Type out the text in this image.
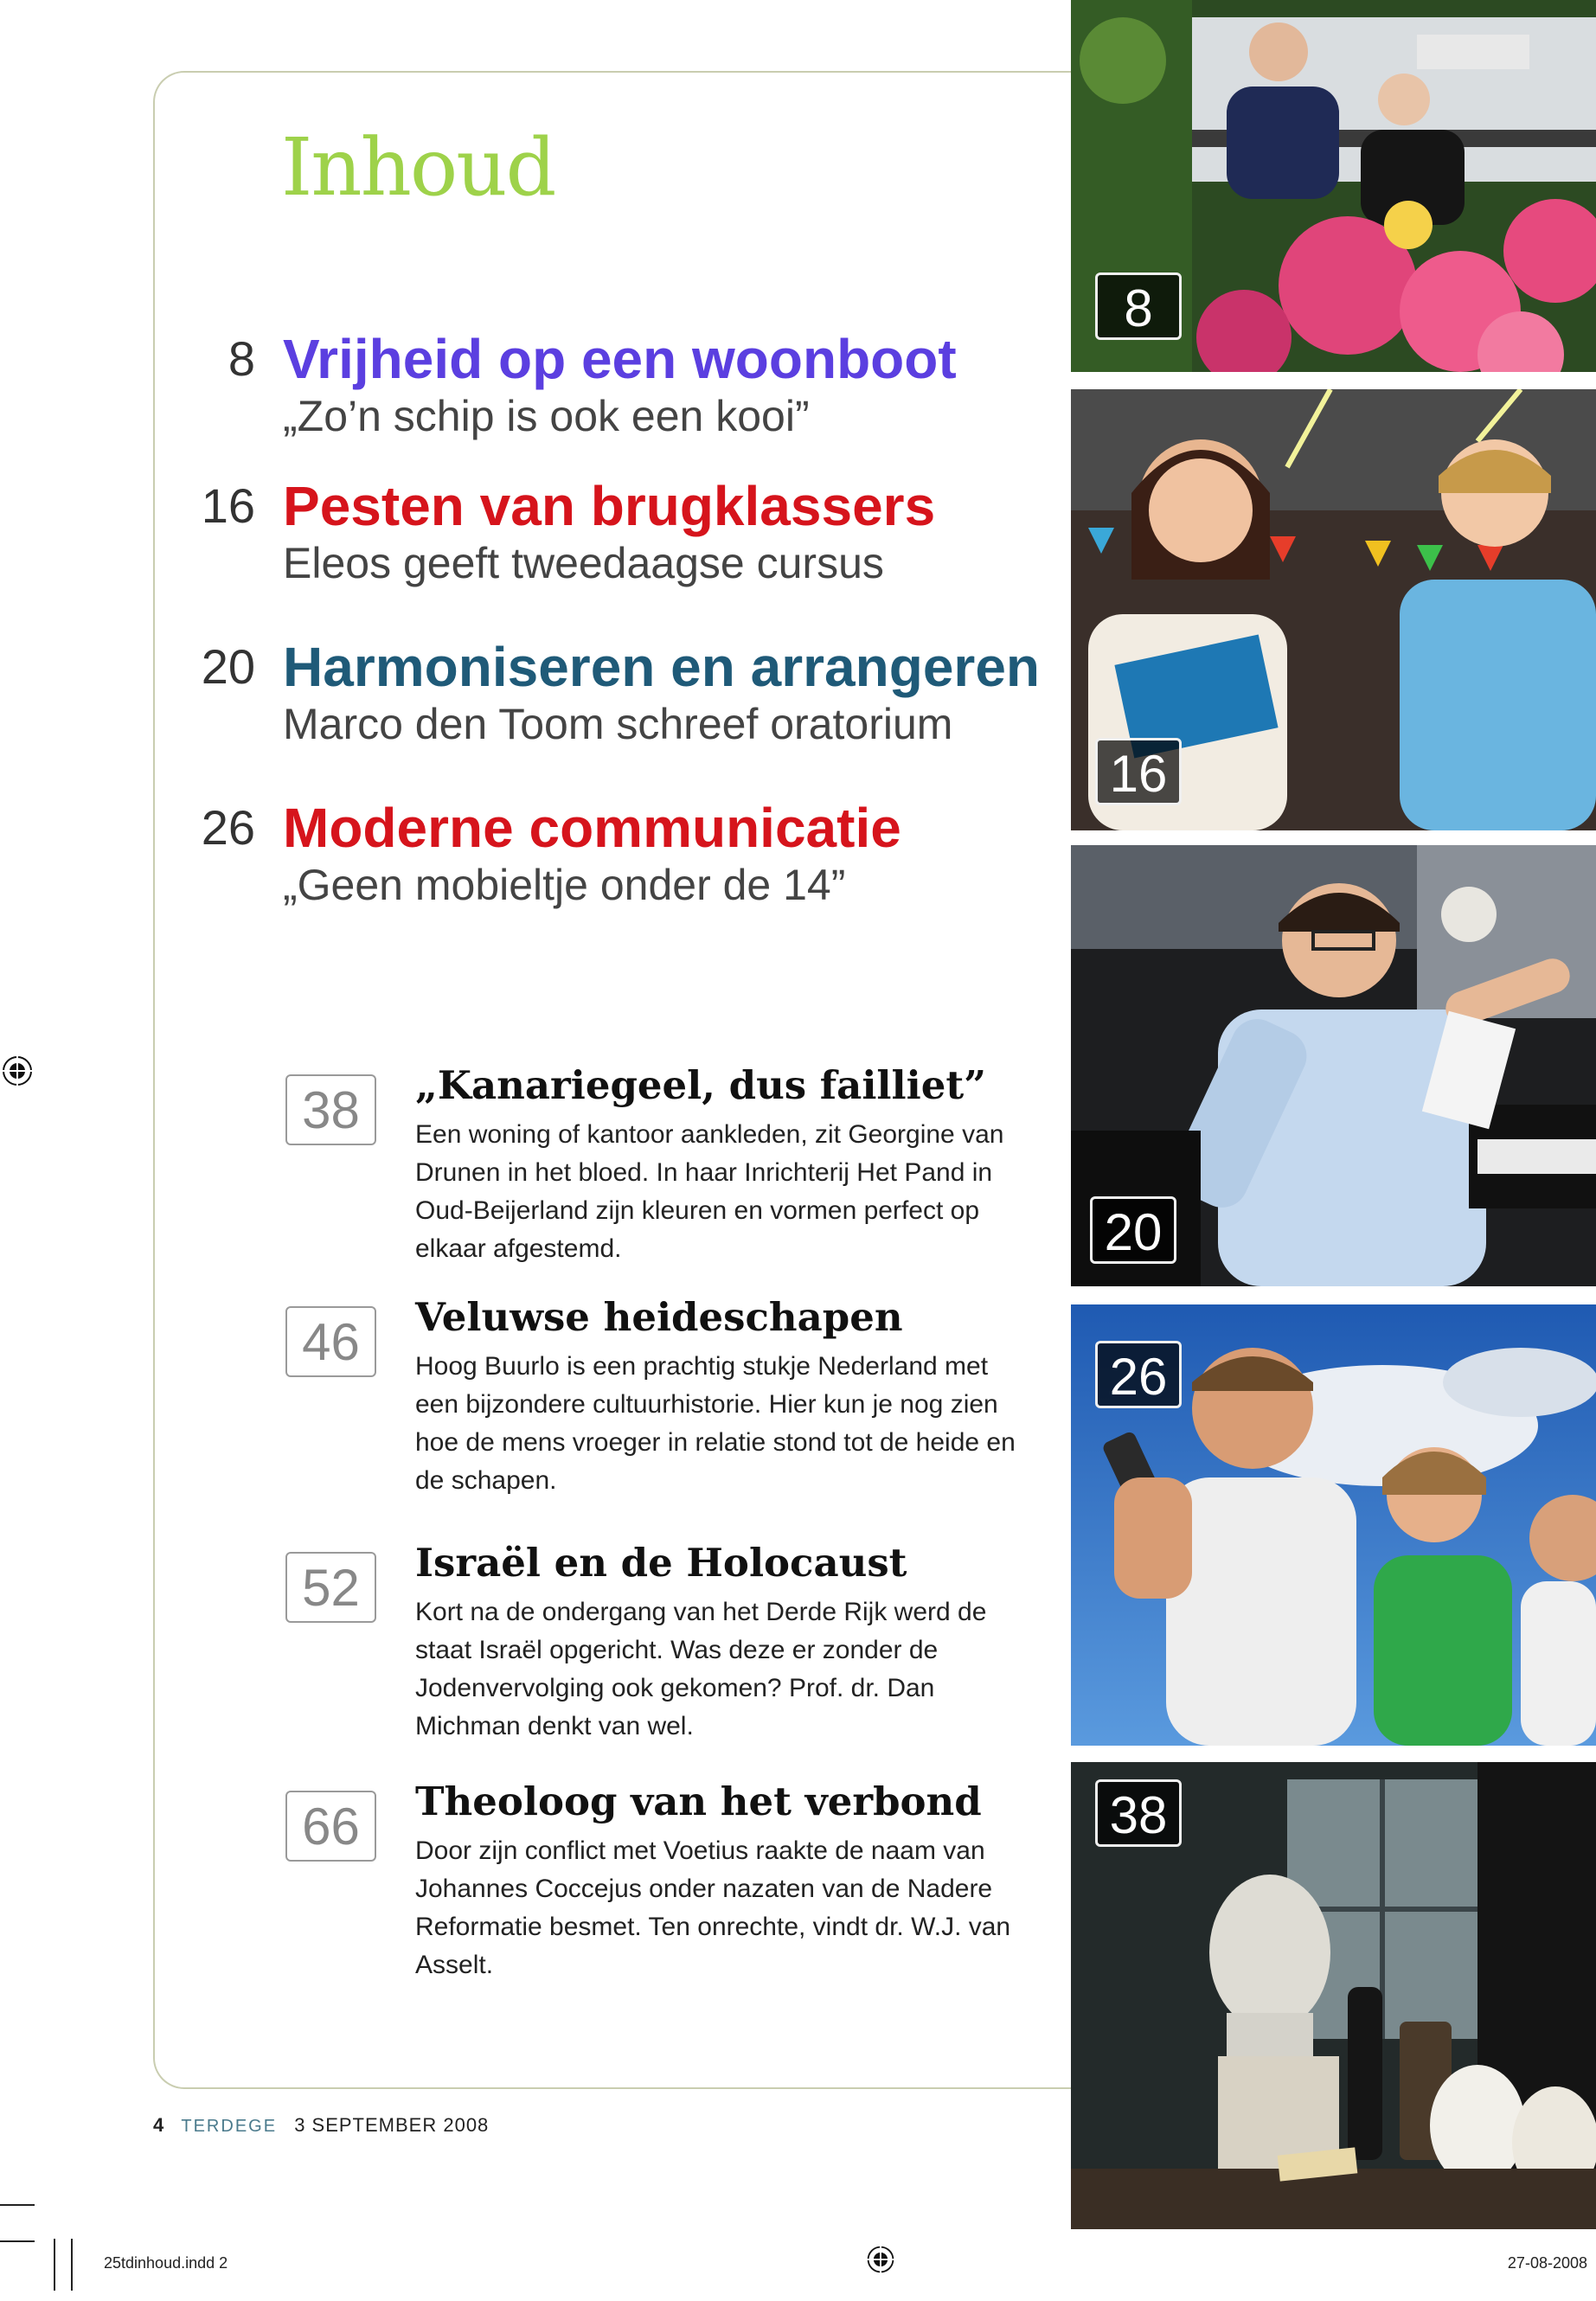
Inhoud
8 Vrijheid op een woonboot

„Zo’n schip is ook een kooi”

16 Pesten van brugklassers

Eleos geeft tweedaagse cursus

20 Harmoniseren en arrangeren

Marco den Toom schreef oratorium

26 Moderne communicatie

„Geen mobieltje onder de 14”

38	„Kanariegeel, dus failliet”

Een woning of kantoor aankleden, zit Georgine van Drunen in het bloed. In haar Inrichterij Het Pand in Oud-Beijerland zijn kleuren en vormen perfect op elkaar afgestemd.

46	Veluwse heideschapen

Hoog Buurlo is een prachtig stukje Nederland met een bijzondere cultuurhistorie. Hier kun je nog zien hoe de mens vroeger in relatie stond tot de heide en de schapen.

52	Israël en de Holocaust

Kort na de ondergang van het Derde Rijk werd de staat Israël opgericht. Was deze er zonder de Jodenvervolging ook gekomen? Prof. dr. Dan Michman denkt van wel.

66	Theoloog van het verbond

Door zijn conflict met Voetius raakte de naam van Johannes Coccejus onder nazaten van de Nadere Reformatie besmet. Ten onrechte, vindt dr. W.J. van Asselt.

4 TERDEGE 3 SEPTEMBER 2008
8
16
20
26
38
25tdinhoud.indd 2	27-08-2008
